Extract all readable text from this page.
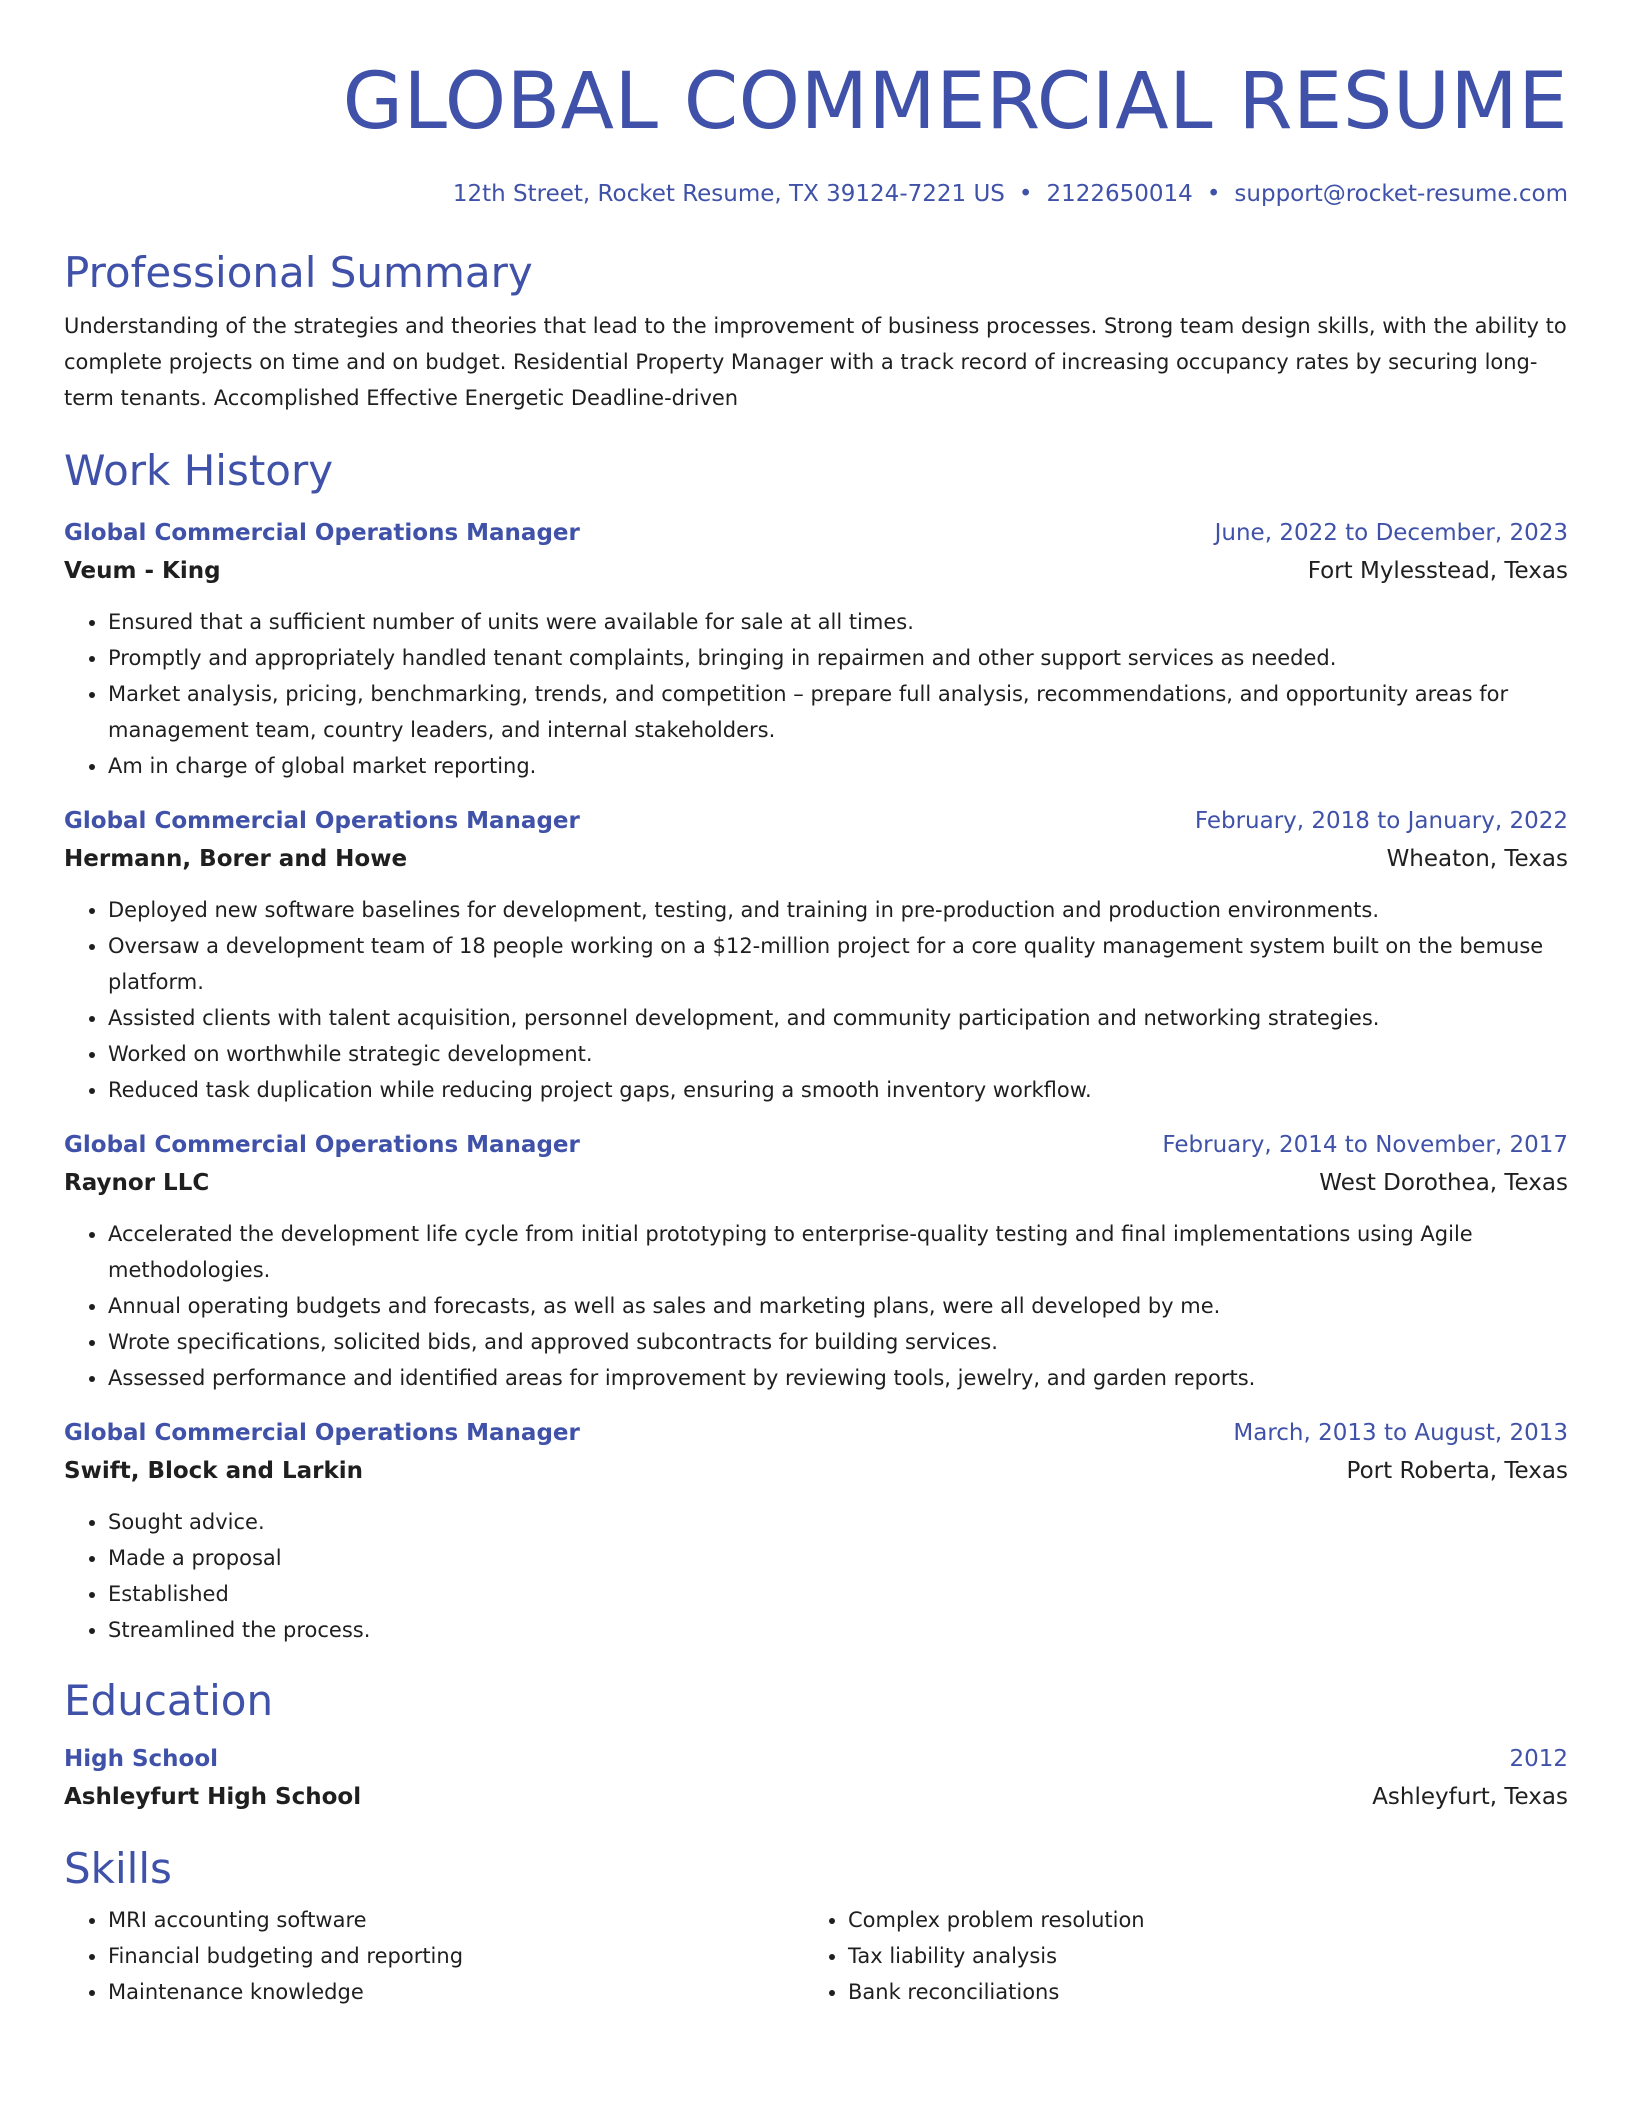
GLOBAL COMMERCIAL RESUME
12th Street, Rocket Resume, TX 39124-7221 US • 2122650014 • support@rocket-resume.com
Professional Summary
Understanding of the strategies and theories that lead to the improvement of business processes. Strong team design skills, with the ability to complete projects on time and on budget. Residential Property Manager with a track record of increasing occupancy rates by securing long-term tenants. Accomplished Effective Energetic Deadline-driven
Work History
Global Commercial Operations Manager	June, 2022 to December, 2023
Veum - King	Fort Mylesstead, Texas
• Ensured that a sufficient number of units were available for sale at all times.
• Promptly and appropriately handled tenant complaints, bringing in repairmen and other support services as needed.
• Market analysis, pricing, benchmarking, trends, and competition – prepare full analysis, recommendations, and opportunity areas for management team, country leaders, and internal stakeholders.
• Am in charge of global market reporting.
Global Commercial Operations Manager	February, 2018 to January, 2022
Hermann, Borer and Howe	Wheaton, Texas
• Deployed new software baselines for development, testing, and training in pre-production and production environments.
• Oversaw a development team of 18 people working on a $12-million project for a core quality management system built on the bemuse platform.
• Assisted clients with talent acquisition, personnel development, and community participation and networking strategies.
• Worked on worthwhile strategic development.
• Reduced task duplication while reducing project gaps, ensuring a smooth inventory workflow.
Global Commercial Operations Manager	February, 2014 to November, 2017
Raynor LLC	West Dorothea, Texas
• Accelerated the development life cycle from initial prototyping to enterprise-quality testing and final implementations using Agile methodologies.
• Annual operating budgets and forecasts, as well as sales and marketing plans, were all developed by me.
• Wrote specifications, solicited bids, and approved subcontracts for building services.
• Assessed performance and identified areas for improvement by reviewing tools, jewelry, and garden reports.
Global Commercial Operations Manager	March, 2013 to August, 2013
Swift, Block and Larkin	Port Roberta, Texas
• Sought advice.
• Made a proposal
• Established
• Streamlined the process.
Education
High School	2012
Ashleyfurt High School	Ashleyfurt, Texas
Skills
• MRI accounting software
• Financial budgeting and reporting
• Maintenance knowledge
• Complex problem resolution
• Tax liability analysis
• Bank reconciliations
